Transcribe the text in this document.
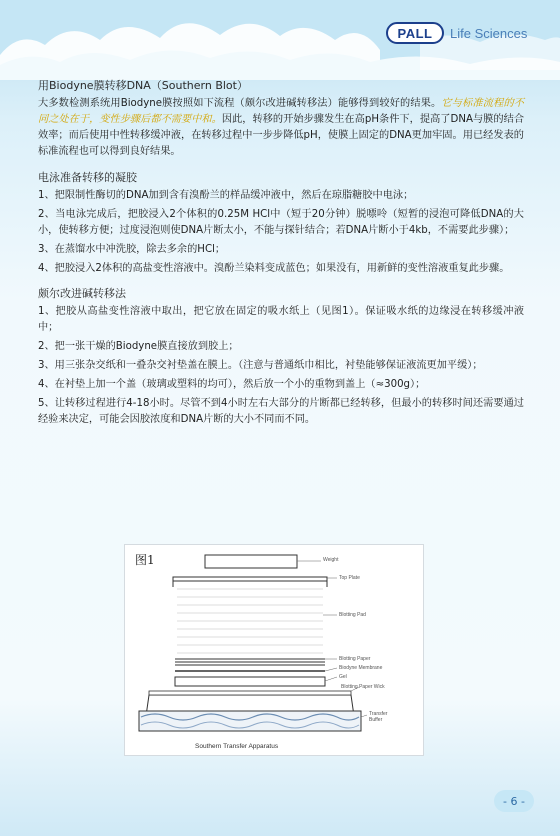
PALL	Life Sciences
用Biodyne膜转移DNA（Southern Blot）

大多数检测系统用Biodyne膜按照如下流程（颇尔改进碱转移法）能够得到较好的结果。它与标准流程的不同之处在于，变性步骤后都不需要中和。因此，转移的开始步骤发生在高pH条件下，提高了DNA与膜的结合效率；而后使用中性转移缓冲液，在转移过程中一步步降低pH，使膜上固定的DNA更加牢固。用已经发表的标准流程也可以得到良好结果。

电泳准备转移的凝胶

1、把限制性酶切的DNA加到含有溴酚兰的样品缓冲液中，然后在琼脂糖胶中电泳；

2、当电泳完成后，把胶浸入2个体积的0.25M HCl中（短于20分钟）脱嘌呤（短暂的浸泡可降低DNA的大小，使转移方便；过度浸泡则使DNA片断太小，不能与探针结合；若DNA片断小于4kb，不需要此步骤）；

3、在蒸馏水中冲洗胶，除去多余的HCl；

4、把胶浸入2体积的高盐变性溶液中。溴酚兰染料变成蓝色；如果没有，用新鲜的变性溶液重复此步骤。

颇尔改进碱转移法

1、把胶从高盐变性溶液中取出，把它放在固定的吸水纸上（见图1）。保证吸水纸的边缘浸在转移缓冲液中；

2、把一张干燥的Biodyne膜直接放到胶上；

3、用三张杂交纸和一叠杂交衬垫盖在膜上。（注意与普通纸巾相比，衬垫能够保证液流更加平缓）；

4、在衬垫上加一个盖（玻璃或塑料的均可），然后放一个小的重物到盖上（≈300g）；

5、让转移过程进行4-18小时。尽管不到4小时左右大部分的片断都已经转移，但最小的转移时间还需要通过经验来决定，可能会因胶浓度和DNA片断的大小不同而不同。

图1	Weight
Top Plate
Blotting Pad
Blotting Paper
Biodyne Membrane
Gel
Blotting Paper Wick
Transfer Buffer
Southern Transfer Apparatus
- 6 -
